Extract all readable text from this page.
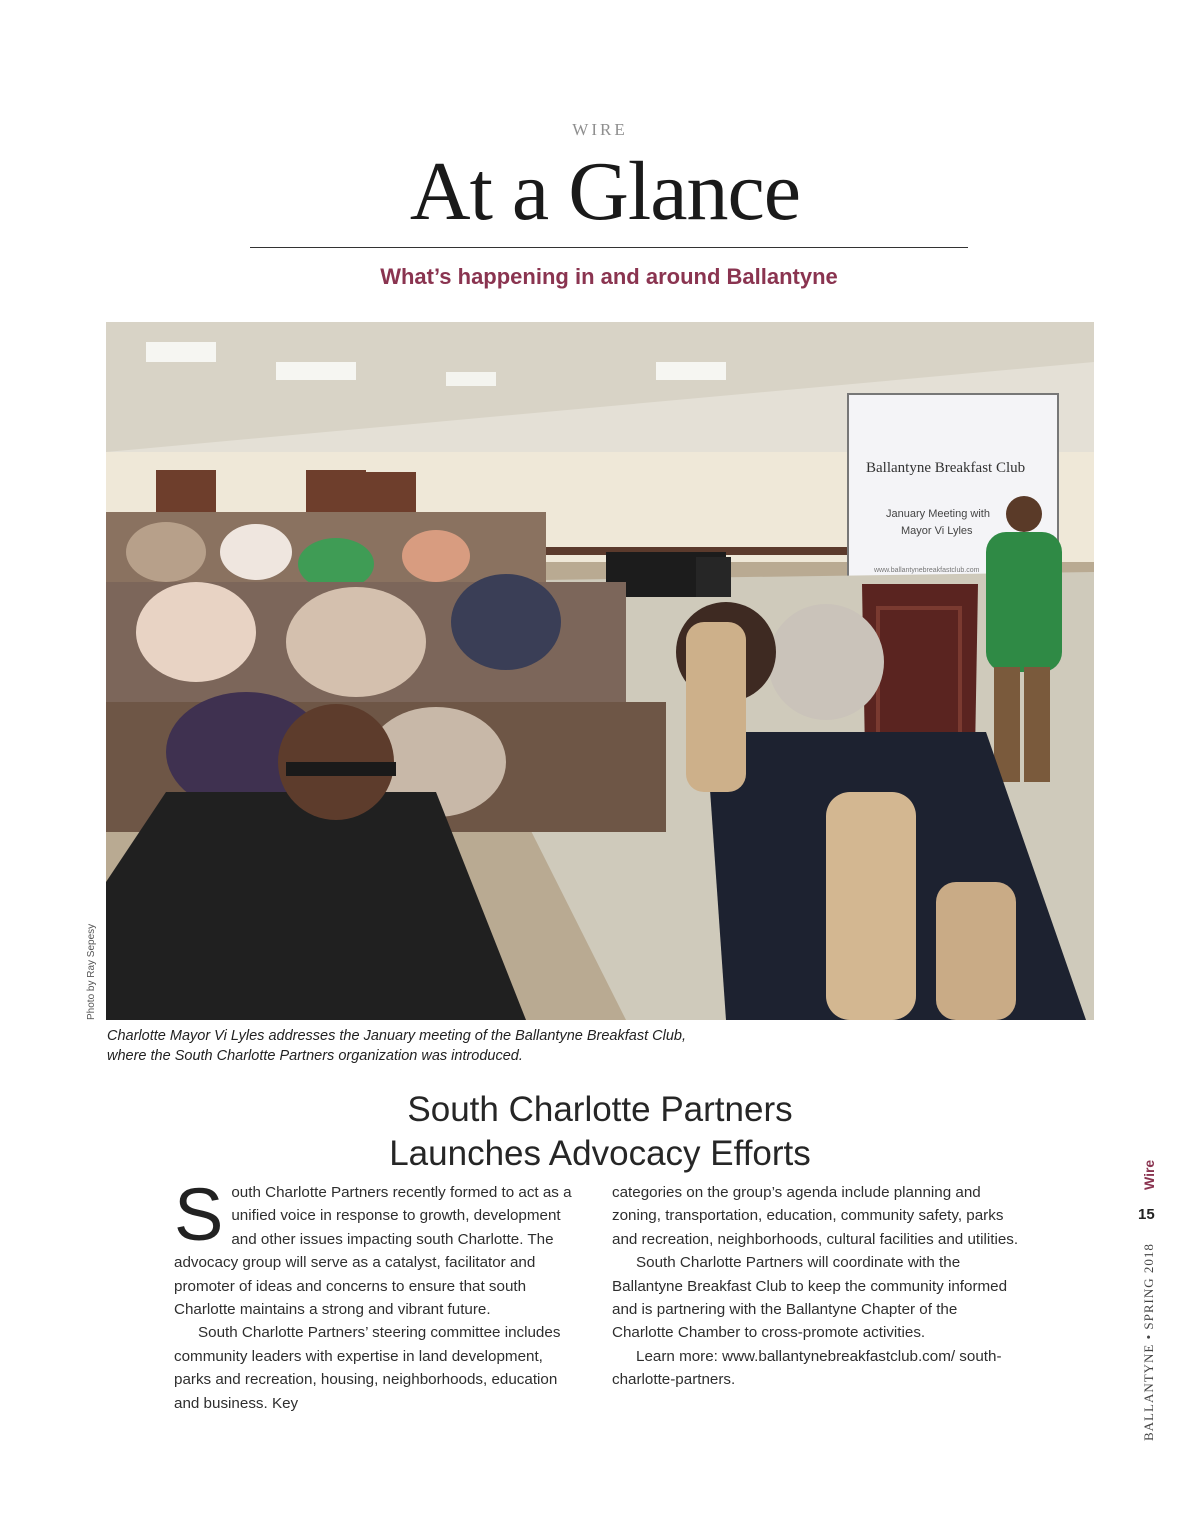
WIRE
At a Glance
What’s happening in and around Ballantyne
Ballantyne Breakfast Club
January Meeting with
Mayor Vi Lyles
www.ballantynebreakfastclub.com
Photo by Ray Sepesy
Charlotte Mayor Vi Lyles addresses the January meeting of the Ballantyne Breakfast Club,
where the South Charlotte Partners organization was introduced.
South Charlotte Partners
Launches Advocacy Efforts

South Charlotte Partners recently formed to act as a unified voice in response to growth, development and other issues impacting south Charlotte. The advocacy group will serve as a catalyst, facilitator and promoter of ideas and concerns to ensure that south Charlotte maintains a strong and vibrant future.

South Charlotte Partners’ steering committee includes community leaders with expertise in land development, parks and recreation, housing, neighborhoods, education and business. Key

categories on the group’s agenda include planning and zoning, transportation, education, community safety, parks and recreation, neighborhoods, cultural facilities and utilities.

South Charlotte Partners will coordinate with the Ballantyne Breakfast Club to keep the community informed and is partnering with the Ballantyne Chapter of the Charlotte Chamber to cross-promote activities.

Learn more: www.ballantynebreakfastclub.com/ south-charlotte-partners.

Wire
15
BALLANTYNE • SPRING 2018
